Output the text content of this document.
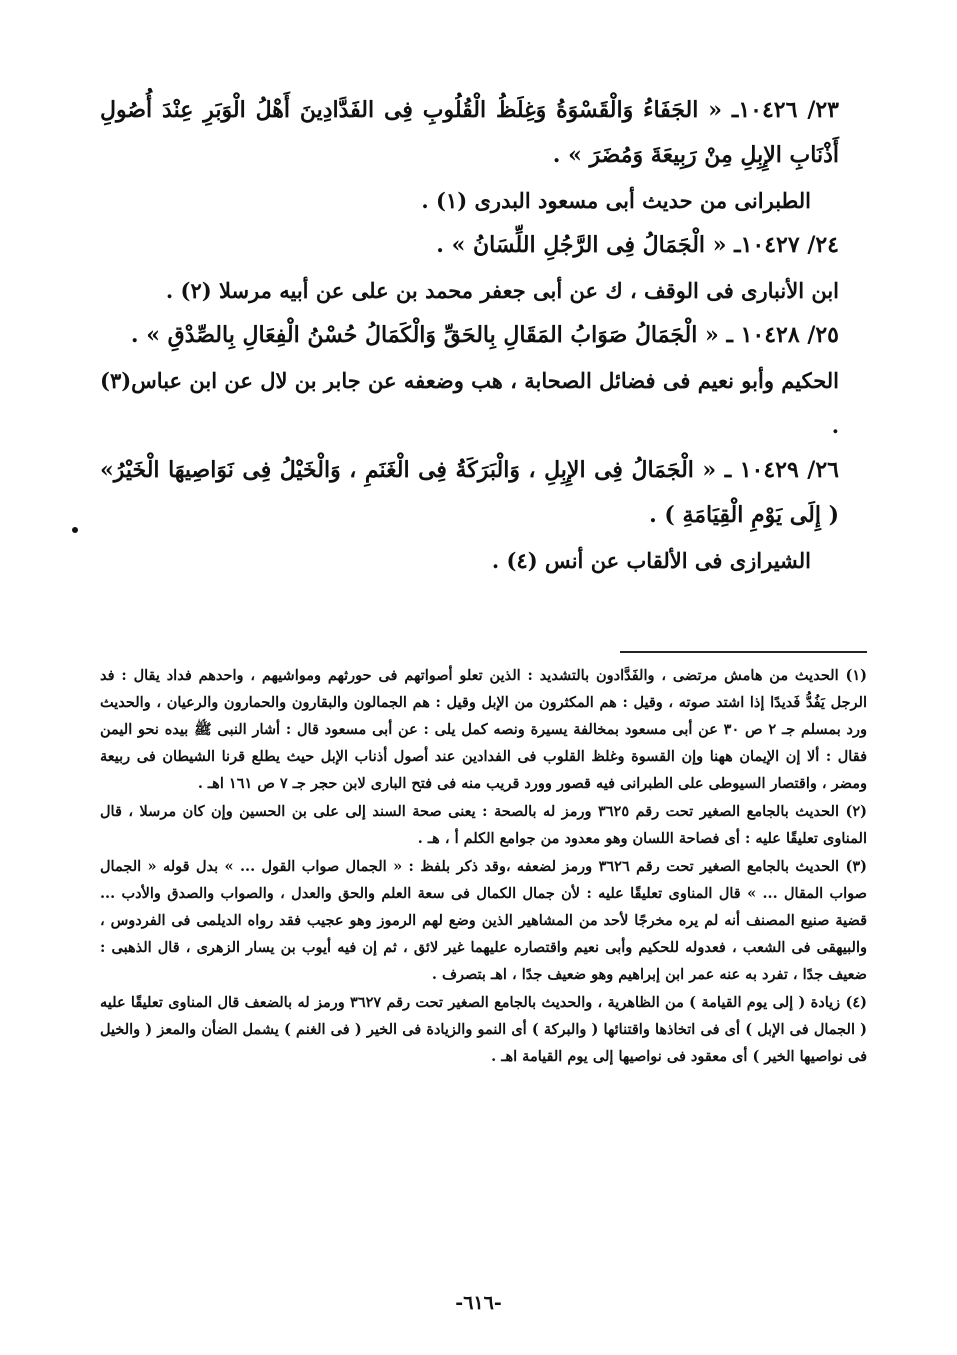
٢٣/ ١٠٤٢٦ـ « الجَفَاءُ وَالْقَسْوَةُ وَغِلَظُ الْقُلُوبِ فِى الفَدَّادِينَ أَهْلُ الْوَبَرِ عِنْدَ أُصُولِ أَذْنَابِ الإِبِلِ مِنْ رَبِيعَةَ وَمُضَرَ » .

الطبرانى من حديث أبى مسعود البدرى (١) .

٢٤/ ١٠٤٢٧ـ « الْجَمَالُ فِى الرَّجُلِ اللِّسَانُ » .

ابن الأنبارى فى الوقف ، ك عن أبى جعفر محمد بن على عن أبيه مرسلا (٢) .

٢٥/ ١٠٤٢٨ ـ « الْجَمَالُ صَوَابُ المَقَالِ بِالحَقِّ وَالْكَمَالُ حُسْنُ الْفِعَالِ بِالصِّدْقِ » .

الحكيم وأبو نعيم فى فضائل الصحابة ، هب وضعفه عن جابر بن لال عن ابن عباس(٣) .

٢٦/ ١٠٤٢٩ ـ « الْجَمَالُ فِى الإِبِلِ ، وَالْبَرَكَةُ فِى الْغَنَمِ ، وَالْخَيْلُ فِى نَوَاصِيهَا الْخَيْرُ» ( إِلَى يَوْمِ الْقِيَامَةِ ) .

الشيرازى فى الألقاب عن أنس (٤) .

(١) الحديث من هامش مرتضى ، والفَدَّادون بالتشديد : الذين تعلو أصواتهم فى حورثهم ومواشيهم ، واحدهم فداد يقال : فد الرجل يَفُدُّ فَديدًا إذا اشتد صوته ، وقيل : هم المكثرون من الإبل وقيل : هم الجمالون والبقارون والحمارون والرعيان ، والحديث ورد بمسلم جـ ٢ ص ٣٠ عن أبى مسعود بمخالفة يسيرة ونصه كمل يلى : عن أبى مسعود قال : أشار النبى ﷺ بيده نحو اليمن فقال : ألا إن الإيمان ههنا وإن القسوة وغلظ القلوب فى الفدادين عند أصول أذناب الإبل حيث يطلع قرنا الشيطان فى ربيعة ومضر ، واقتصار السيوطى على الطبرانى فيه قصور وورد قريب منه فى فتح البارى لابن حجر جـ ٧ ص ١٦١ اهـ .

(٢) الحديث بالجامع الصغير تحت رقم ٣٦٢٥ ورمز له بالصحة : يعنى صحة السند إلى على بن الحسين وإن كان مرسلا ، قال المناوى تعليقًا عليه : أى فصاحة اللسان وهو معدود من جوامع الكلم أ ، هـ .

(٣) الحديث بالجامع الصغير تحت رقم ٣٦٢٦ ورمز لضعفه ،وقد ذكر بلفظ : « الجمال صواب القول ... » بدل قوله « الجمال صواب المقال ... » قال المناوى تعليقًا عليه : لأن جمال الكمال فى سعة العلم والحق والعدل ، والصواب والصدق والأدب ... قضية صنيع المصنف أنه لم يره مخرجًا لأحد من المشاهير الذين وضع لهم الرموز وهو عجيب فقد رواه الديلمى فى الفردوس ، والبيهقى فى الشعب ، فعدوله للحكيم وأبى نعيم واقتصاره عليهما غير لائق ، ثم إن فيه أيوب بن يسار الزهرى ، قال الذهبى : ضعيف جدًا ، تفرد به عنه عمر ابن إبراهيم وهو ضعيف جدًا ، اهـ بتصرف .

(٤) زيادة ( إلى يوم القيامة ) من الظاهرية ، والحديث بالجامع الصغير تحت رقم ٣٦٢٧ ورمز له بالضعف قال المناوى تعليقًا عليه ( الجمال فى الإبل ) أى فى اتخاذها واقتنائها ( والبركة ) أى النمو والزيادة فى الخير ( فى الغنم ) يشمل الضأن والمعز ( والخيل فى نواصيها الخير ) أى معقود فى نواصيها إلى يوم القيامة اهـ .

-٦١٦-
